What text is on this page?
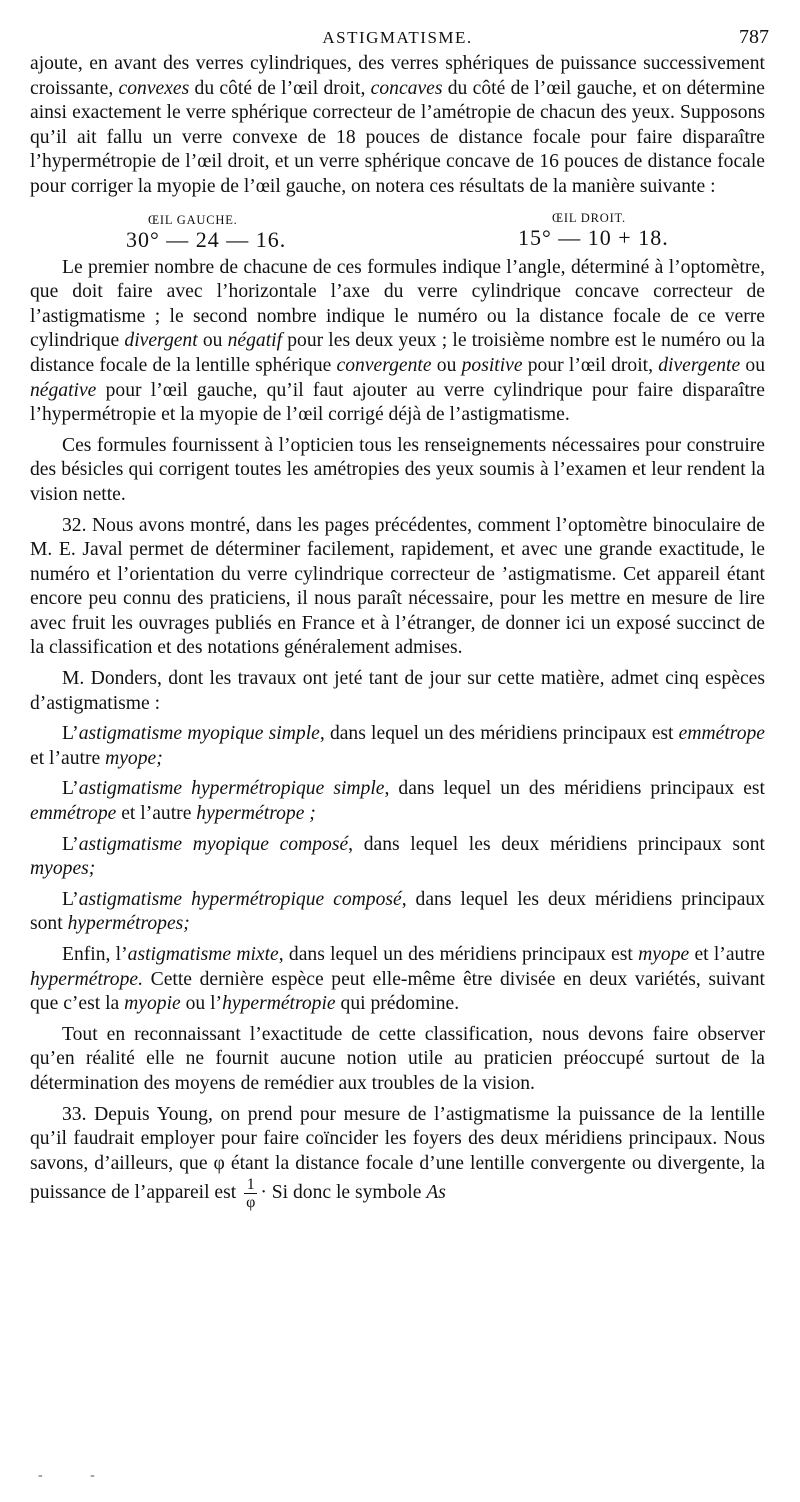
ASTIGMATISME.	787

ajoute, en avant des verres cylindriques, des verres sphériques de puissance successivement croissante, convexes du côté de l’œil droit, concaves du côté de l’œil gauche, et on détermine ainsi exactement le verre sphérique correcteur de l’amétropie de chacun des yeux. Supposons qu’il ait fallu un verre convexe de 18 pouces de distance focale pour faire disparaître l’hypermétropie de l’œil droit, et un verre sphérique concave de 16 pouces de distance focale pour corriger la myopie de l’œil gauche, on notera ces résultats de la manière suivante :

ŒIL GAUCHE.	ŒIL DROIT.
30° — 24 — 16.	15° — 10 + 18.

Le premier nombre de chacune de ces formules indique l’angle, déterminé à l’optomètre, que doit faire avec l’horizontale l’axe du verre cylindrique concave correcteur de l’astigmatisme ; le second nombre indique le numéro ou la distance focale de ce verre cylindrique divergent ou négatif pour les deux yeux ; le troisième nombre est le numéro ou la distance focale de la lentille sphérique convergente ou positive pour l’œil droit, divergente ou négative pour l’œil gauche, qu’il faut ajouter au verre cylindrique pour faire disparaître l’hypermétropie et la myopie de l’œil corrigé déjà de l’astigmatisme.

Ces formules fournissent à l’opticien tous les renseignements nécessaires pour construire des bésicles qui corrigent toutes les amétropies des yeux soumis à l’examen et leur rendent la vision nette.

32. Nous avons montré, dans les pages précédentes, comment l’optomètre binoculaire de M. E. Javal permet de déterminer facilement, rapidement, et avec une grande exactitude, le numéro et l’orientation du verre cylindrique correcteur de ’astigmatisme. Cet appareil étant encore peu connu des praticiens, il nous paraît nécessaire, pour les mettre en mesure de lire avec fruit les ouvrages publiés en France et à l’étranger, de donner ici un exposé succinct de la classification et des notations généralement admises.

M. Donders, dont les travaux ont jeté tant de jour sur cette matière, admet cinq espèces d’astigmatisme :

L’astigmatisme myopique simple, dans lequel un des méridiens principaux est emmétrope et l’autre myope;

L’astigmatisme hypermétropique simple, dans lequel un des méridiens principaux est emmétrope et l’autre hypermétrope ;

L’astigmatisme myopique composé, dans lequel les deux méridiens principaux sont myopes;

L’astigmatisme hypermétropique composé, dans lequel les deux méridiens principaux sont hypermétropes;

Enfin, l’astigmatisme mixte, dans lequel un des méridiens principaux est myope et l’autre hypermétrope. Cette dernière espèce peut elle-même être divisée en deux variétés, suivant que c’est la myopie ou l’hypermétropie qui prédomine.

Tout en reconnaissant l’exactitude de cette classification, nous devons faire observer qu’en réalité elle ne fournit aucune notion utile au praticien préoccupé surtout de la détermination des moyens de remédier aux troubles de la vision.

33. Depuis Young, on prend pour mesure de l’astigmatisme la puissance de la lentille qu’il faudrait employer pour faire coïncider les foyers des deux méridiens principaux. Nous savons, d’ailleurs, que φ étant la distance focale d’une lentille convergente ou divergente, la puissance de l’appareil est $\frac{1}{\varphi} \cdot Si$ donc le symbole As

- -
